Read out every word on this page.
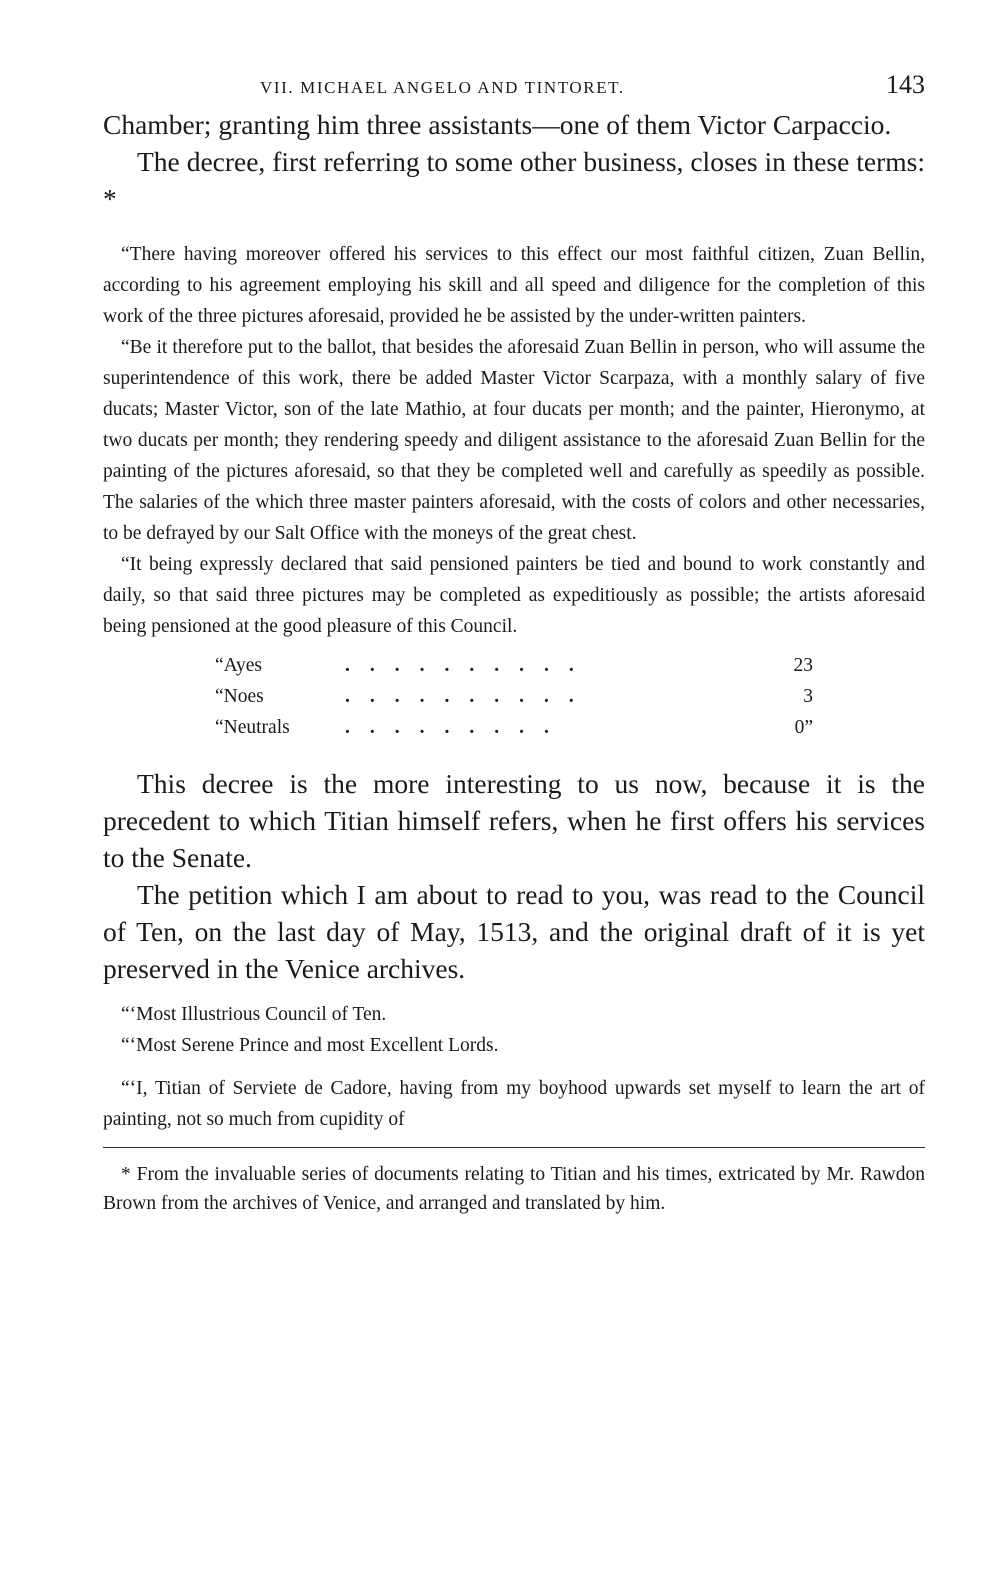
VII. MICHAEL ANGELO AND TINTORET.	143

Chamber; granting him three assistants—one of them Victor Carpaccio.

The decree, first referring to some other business, closes in these terms: *

“There having moreover offered his services to this effect our most faithful citizen, Zuan Bellin, according to his agreement employing his skill and all speed and diligence for the completion of this work of the three pictures aforesaid, provided he be assisted by the under-written painters.

“Be it therefore put to the ballot, that besides the aforesaid Zuan Bellin in person, who will assume the superintendence of this work, there be added Master Victor Scarpaza, with a monthly salary of five ducats; Master Victor, son of the late Mathio, at four ducats per month; and the painter, Hieronymo, at two ducats per month; they rendering speedy and diligent assistance to the aforesaid Zuan Bellin for the painting of the pictures aforesaid, so that they be completed well and carefully as speedily as possible. The salaries of the which three master painters aforesaid, with the costs of colors and other necessaries, to be defrayed by our Salt Office with the moneys of the great chest.

“It being expressly declared that said pensioned painters be tied and bound to work constantly and daily, so that said three pictures may be completed as expeditiously as possible; the artists aforesaid being pensioned at the good pleasure of this Council.

“Ayes	..........	23
“Noes	..........	3
“Neutrals	.........	0”

This decree is the more interesting to us now, because it is the precedent to which Titian himself refers, when he first offers his services to the Senate.

The petition which I am about to read to you, was read to the Council of Ten, on the last day of May, 1513, and the original draft of it is yet preserved in the Venice archives.

“‘Most Illustrious Council of Ten.

“‘Most Serene Prince and most Excellent Lords.

“‘I, Titian of Serviete de Cadore, having from my boyhood upwards set myself to learn the art of painting, not so much from cupidity of

* From the invaluable series of documents relating to Titian and his times, extricated by Mr. Rawdon Brown from the archives of Venice, and arranged and translated by him.
